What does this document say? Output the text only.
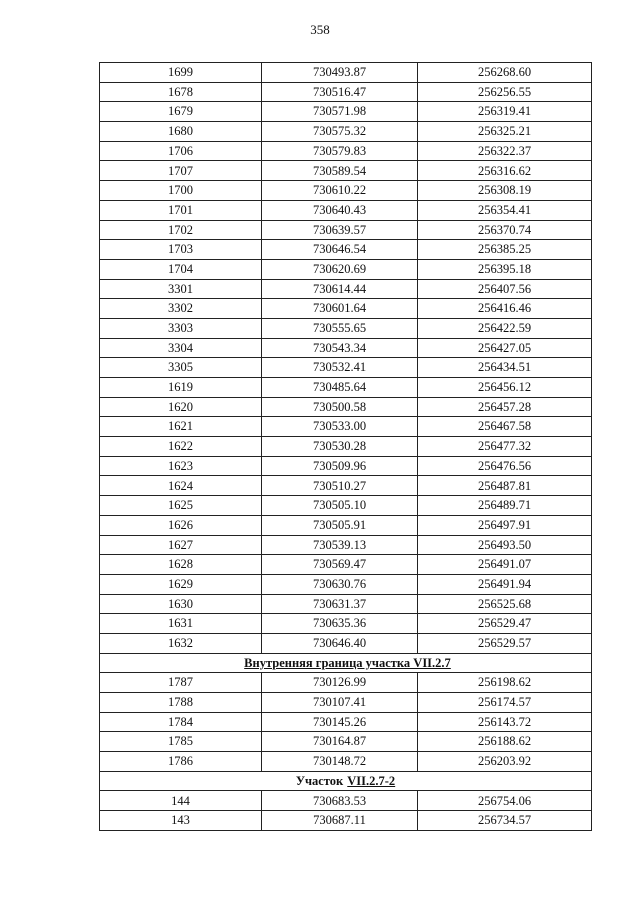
358
1699	730493.87	256268.60
1678	730516.47	256256.55
1679	730571.98	256319.41
1680	730575.32	256325.21
1706	730579.83	256322.37
1707	730589.54	256316.62
1700	730610.22	256308.19
1701	730640.43	256354.41
1702	730639.57	256370.74
1703	730646.54	256385.25
1704	730620.69	256395.18
3301	730614.44	256407.56
3302	730601.64	256416.46
3303	730555.65	256422.59
3304	730543.34	256427.05
3305	730532.41	256434.51
1619	730485.64	256456.12
1620	730500.58	256457.28
1621	730533.00	256467.58
1622	730530.28	256477.32
1623	730509.96	256476.56
1624	730510.27	256487.81
1625	730505.10	256489.71
1626	730505.91	256497.91
1627	730539.13	256493.50
1628	730569.47	256491.07
1629	730630.76	256491.94
1630	730631.37	256525.68
1631	730635.36	256529.47
1632	730646.40	256529.57
Внутренняя граница участка VII.2.7		
1787	730126.99	256198.62
1788	730107.41	256174.57
1784	730145.26	256143.72
1785	730164.87	256188.62
1786	730148.72	256203.92
Участок VII.2.7-2		
144	730683.53	256754.06
143	730687.11	256734.57
